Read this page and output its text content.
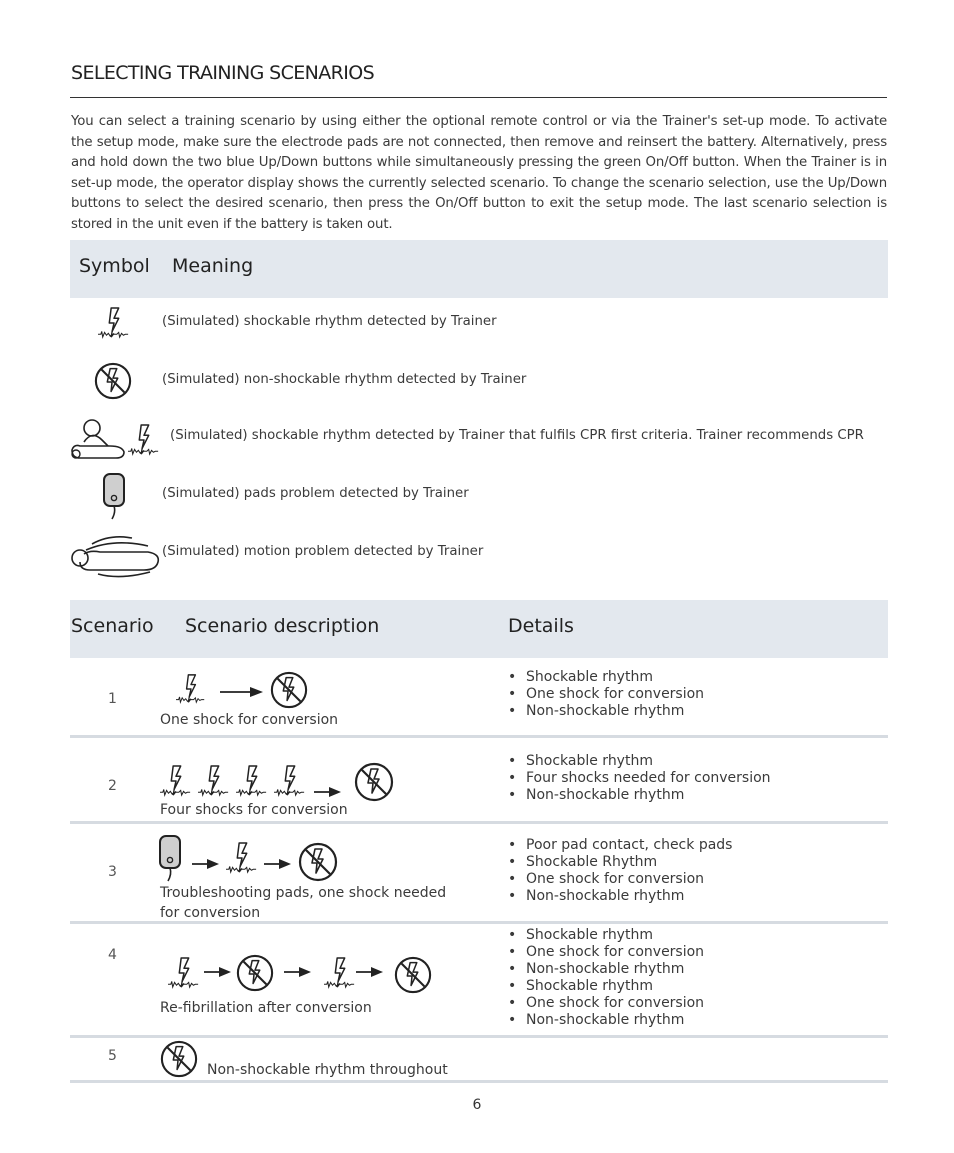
SELECTING TRAINING SCENARIOS
You can select a training scenario by using either the optional remote control or via the Trainer's set-up mode. To activate the setup mode, make sure the electrode pads are not connected, then remove and reinsert the battery. Alternatively, press and hold down the two blue Up/Down buttons while simultaneously pressing the green On/Off button. When the Trainer is in set-up mode, the operator display shows the currently selected scenario. To change the scenario selection, use the Up/Down buttons to select the desired scenario, then press the On/Off button to exit the setup mode. The last scenario selection is stored in the unit even if the battery is taken out.
Symbol Meaning
(Simulated) shockable rhythm detected by Trainer
(Simulated) non-shockable rhythm detected by Trainer
(Simulated) shockable rhythm detected by Trainer that fulfils CPR first criteria. Trainer recommends CPR
(Simulated) pads problem detected by Trainer
(Simulated) motion problem detected by Trainer
Scenario Scenario description	Details
1
One shock for conversion
• Shockable rhythm
• One shock for conversion
• Non-shockable rhythm
2
Four shocks for conversion
• Shockable rhythm
• Four shocks needed for conversion
• Non-shockable rhythm
3
Troubleshooting pads, one shock needed
for conversion
• Poor pad contact, check pads
• Shockable Rhythm
• One shock for conversion
• Non-shockable rhythm
4
Re-fibrillation after conversion
• Shockable rhythm
• One shock for conversion
• Non-shockable rhythm
• Shockable rhythm
• One shock for conversion
• Non-shockable rhythm
5
Non-shockable rhythm throughout
6
